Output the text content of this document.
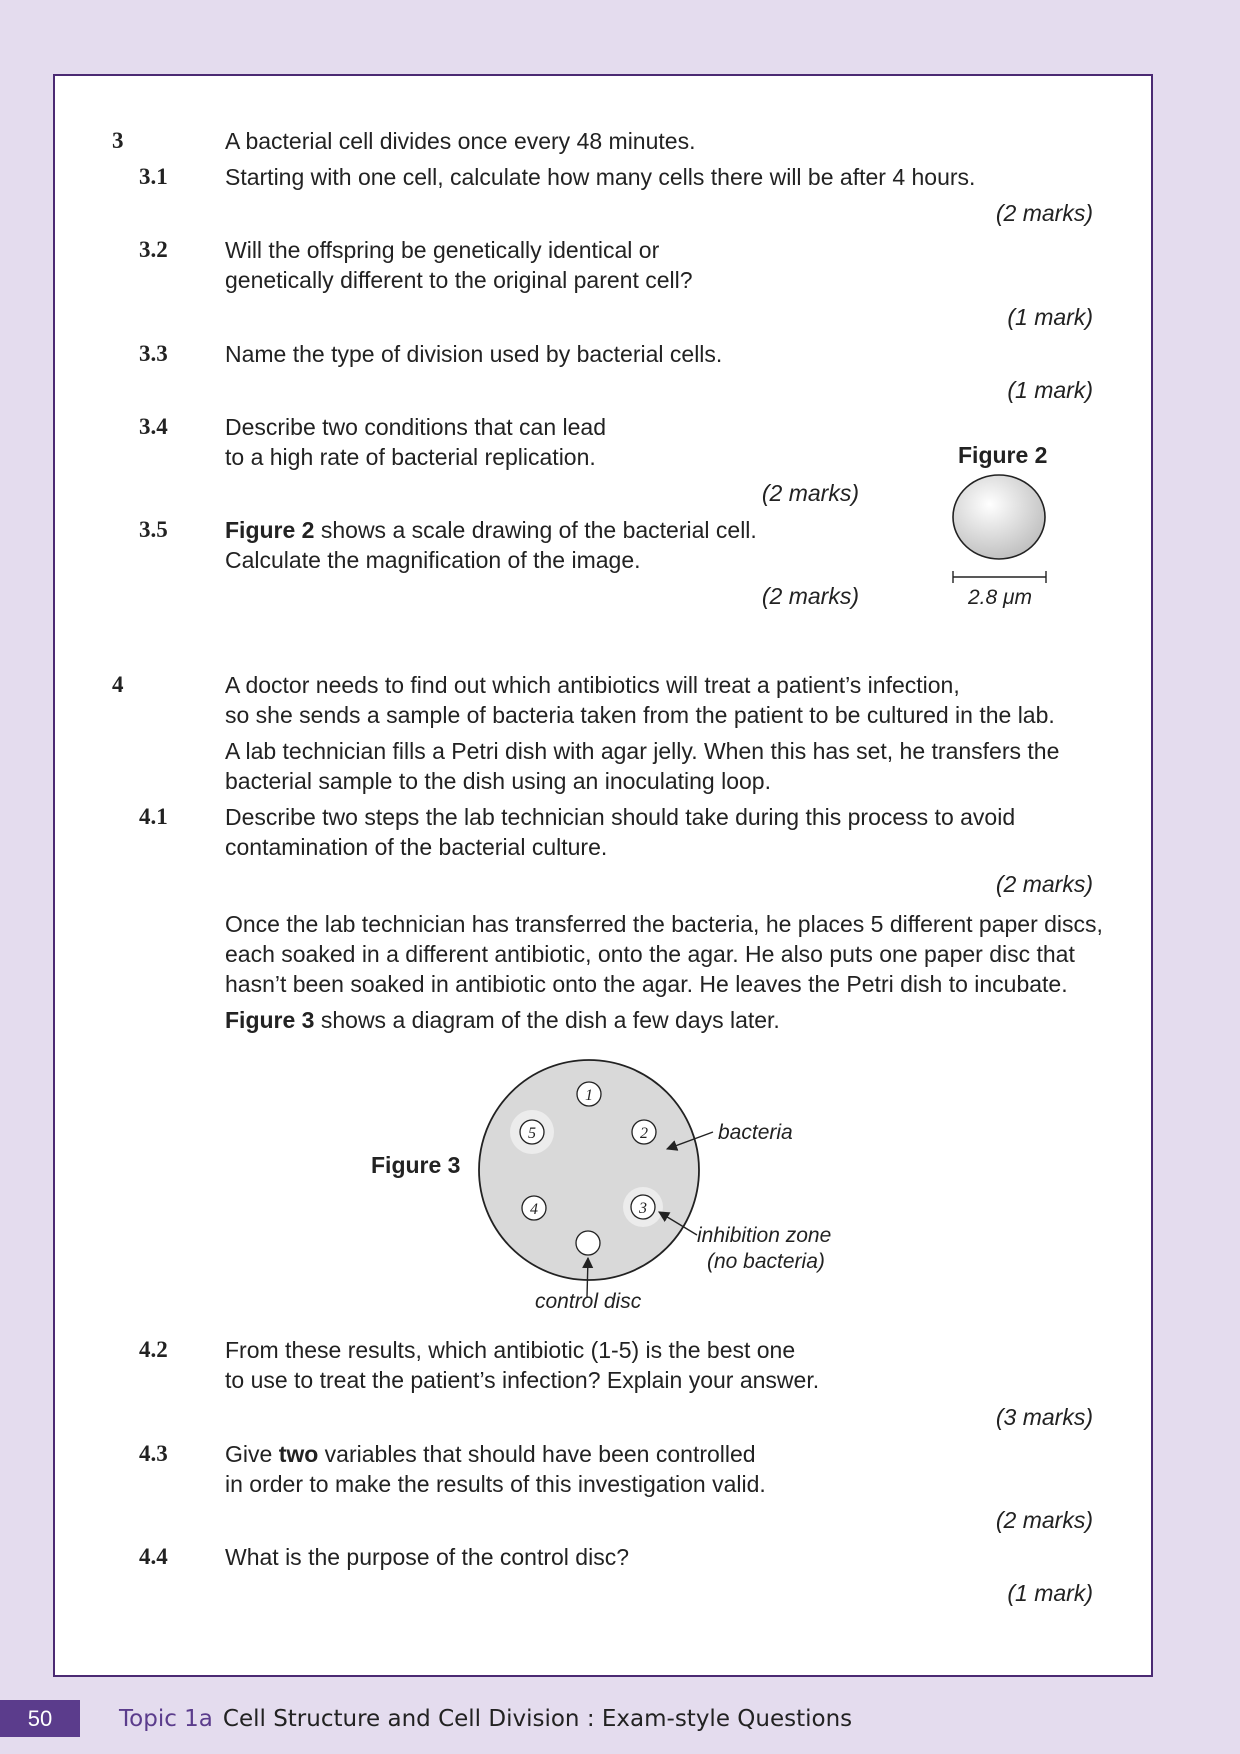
3	A bacterial cell divides once every 48 minutes.
3.1 Starting with one cell, calculate how many cells there will be after 4 hours.
(2 marks)
3.2 Will the offspring be genetically identical or
genetically different to the original parent cell?
(1 mark)
3.3 Name the type of division used by bacterial cells.
(1 mark)
3.4 Describe two conditions that can lead
to a high rate of bacterial replication.
(2 marks)
3.5 Figure 2 shows a scale drawing of the bacterial cell.
Calculate the magnification of the image.
(2 marks)
Figure 2
2.8 μm
4	A doctor needs to find out which antibiotics will treat a patient’s infection,
so she sends a sample of bacteria taken from the patient to be cultured in the lab.
A lab technician fills a Petri dish with agar jelly. When this has set, he transfers the
bacterial sample to the dish using an inoculating loop.
4.1 Describe two steps the lab technician should take during this process to avoid
contamination of the bacterial culture.
(2 marks)
Once the lab technician has transferred the bacteria, he places 5 different paper discs,
each soaked in a different antibiotic, onto the agar. He also puts one paper disc that
hasn’t been soaked in antibiotic onto the agar. He leaves the Petri dish to incubate.
Figure 3 shows a diagram of the dish a few days later.
Figure 3
1
2
3
4
5	bacteria
inhibition zone
(no bacteria)
control disc
4.2 From these results, which antibiotic (1-5) is the best one
to use to treat the patient’s infection? Explain your answer.
(3 marks)
4.3 Give two variables that should have been controlled
in order to make the results of this investigation valid.
(2 marks)
4.4 What is the purpose of the control disc?
(1 mark)
50	Topic 1a Cell Structure and Cell Division : Exam-style Questions
